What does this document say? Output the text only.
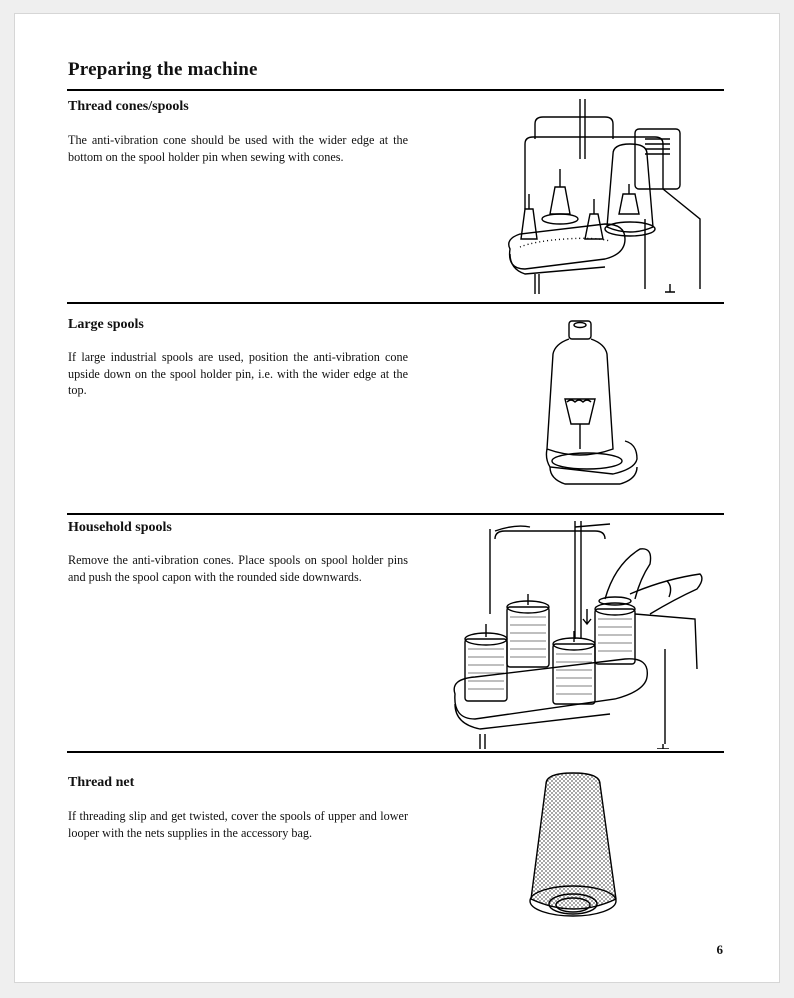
Preparing the machine
Thread cones/spools

The anti-vibration cone should be used with the wider edge at the bottom on the spool holder pin when sewing with cones.

Large spools

If large industrial spools are used, position the anti-vibration cone upside down on the spool holder pin, i.e. with the wider edge at the top.

Household spools

Remove the anti-vibration cones. Place spools on spool holder pins and push the spool capon with the rounded side downwards.

Thread net

If threading slip and get twisted, cover the spools of upper and lower looper with the nets supplies in the accessory bag.

6
